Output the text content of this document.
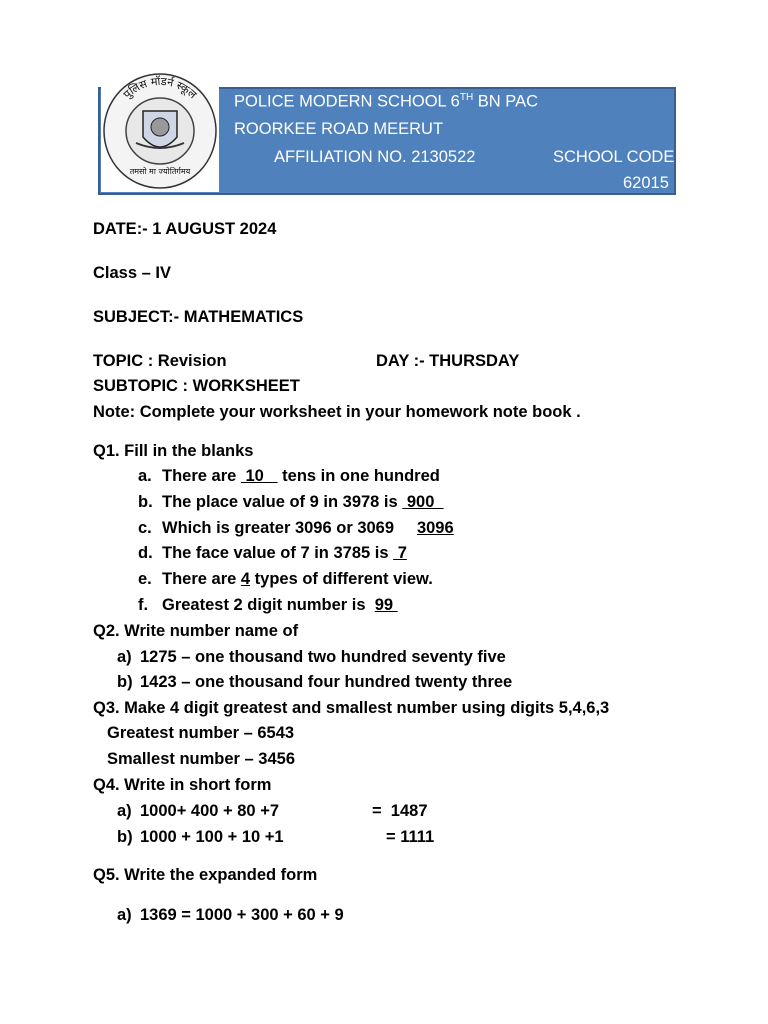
पुलिस मॉडर्न स्कूल
तमसो मा ज्योतिर्गमय
POLICE MODERN SCHOOL 6TH BN PAC
ROORKEE ROAD MEERUT
AFFILIATION NO. 2130522	SCHOOL CODE
62015
DATE:- 1 AUGUST 2024
Class – IV
SUBJECT:- MATHEMATICS
TOPIC : Revision	DAY :- THURSDAY
SUBTOPIC : WORKSHEET
Note: Complete your worksheet in your homework note book .
Q1. Fill in the blanks
a. There are  10    tens in one hundred
b. The place value of 9 in 3978 is  900
c. Which is greater 3096 or 3069     3096
d. The face value of 7 in 3785 is  7
e. There are 4 types of different view.
f. Greatest 2 digit number is  99
Q2. Write number name of
a) 1275 – one thousand two hundred seventy five
b) 1423 – one thousand four hundred twenty three
Q3. Make 4 digit greatest and smallest number using digits 5,4,6,3
Greatest number – 6543
Smallest number – 3456
Q4. Write in short form
a) 1000+ 400 + 80 +7	=  1487
b) 1000 + 100 + 10 +1	= 1111
Q5. Write the expanded form
a) 1369 = 1000 + 300 + 60 + 9
